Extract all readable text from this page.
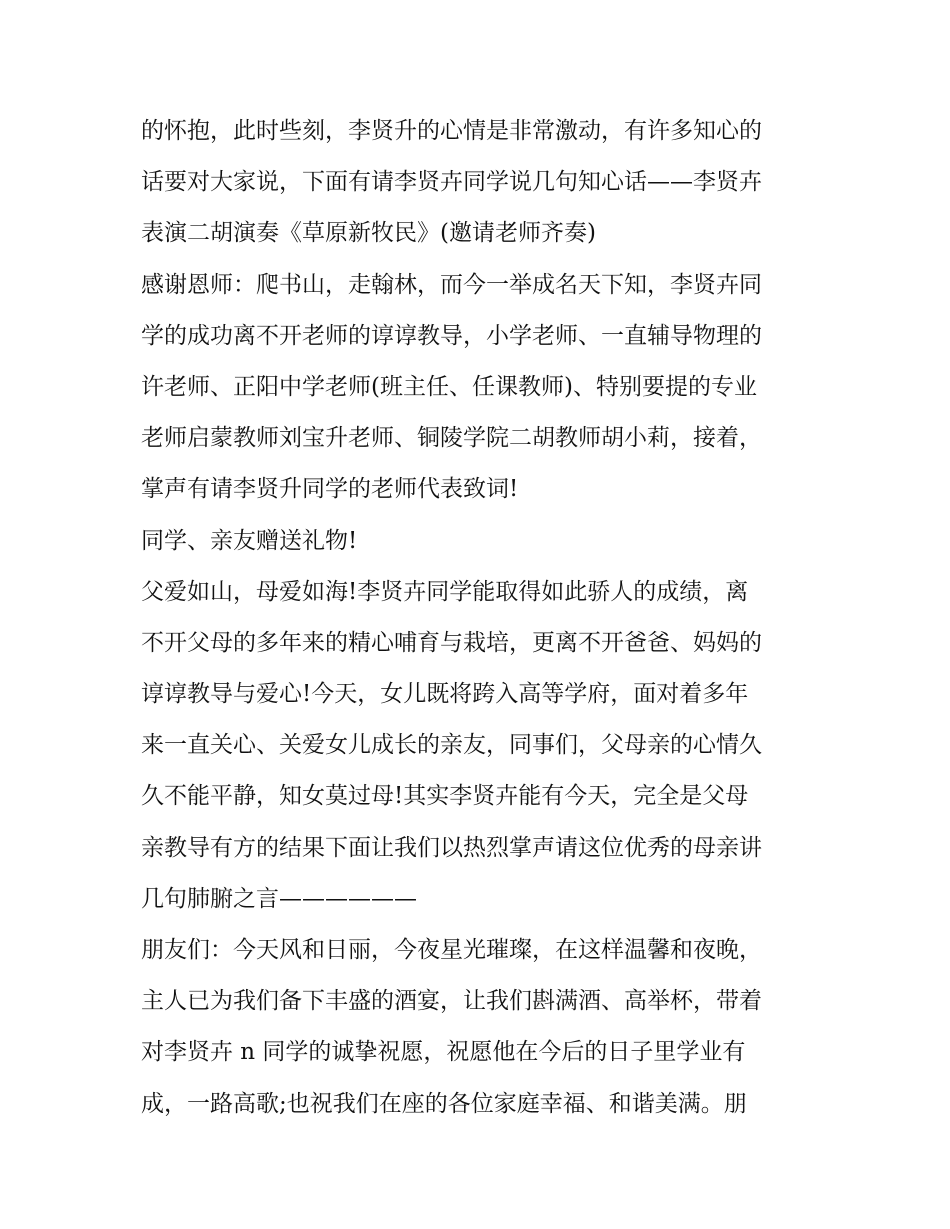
的怀抱，此时些刻，李贤升的心情是非常激动，有许多知心的
话要对大家说，下面有请李贤卉同学说几句知心话——李贤卉
表演二胡演奏《草原新牧民》(邀请老师齐奏)
感谢恩师：爬书山，走翰林，而今一举成名天下知，李贤卉同
学的成功离不开老师的谆谆教导，小学老师、一直辅导物理的
许老师、正阳中学老师(班主任、任课教师)、特别要提的专业
老师启蒙教师刘宝升老师、铜陵学院二胡教师胡小莉，接着，
掌声有请李贤升同学的老师代表致词!
同学、亲友赠送礼物!
父爱如山，母爱如海!李贤卉同学能取得如此骄人的成绩，离
不开父母的多年来的精心哺育与栽培，更离不开爸爸、妈妈的
谆谆教导与爱心!今天，女儿既将跨入高等学府，面对着多年
来一直关心、关爱女儿成长的亲友，同事们，父母亲的心情久
久不能平静，知女莫过母!其实李贤卉能有今天，完全是父母
亲教导有方的结果下面让我们以热烈掌声请这位优秀的母亲讲
几句肺腑之言——————
朋友们：今天风和日丽，今夜星光璀璨，在这样温馨和夜晚，
主人已为我们备下丰盛的酒宴，让我们斟满酒、高举杯，带着
对李贤卉 n 同学的诚挚祝愿，祝愿他在今后的日子里学业有
成，一路高歌;也祝我们在座的各位家庭幸福、和谐美满。朋
